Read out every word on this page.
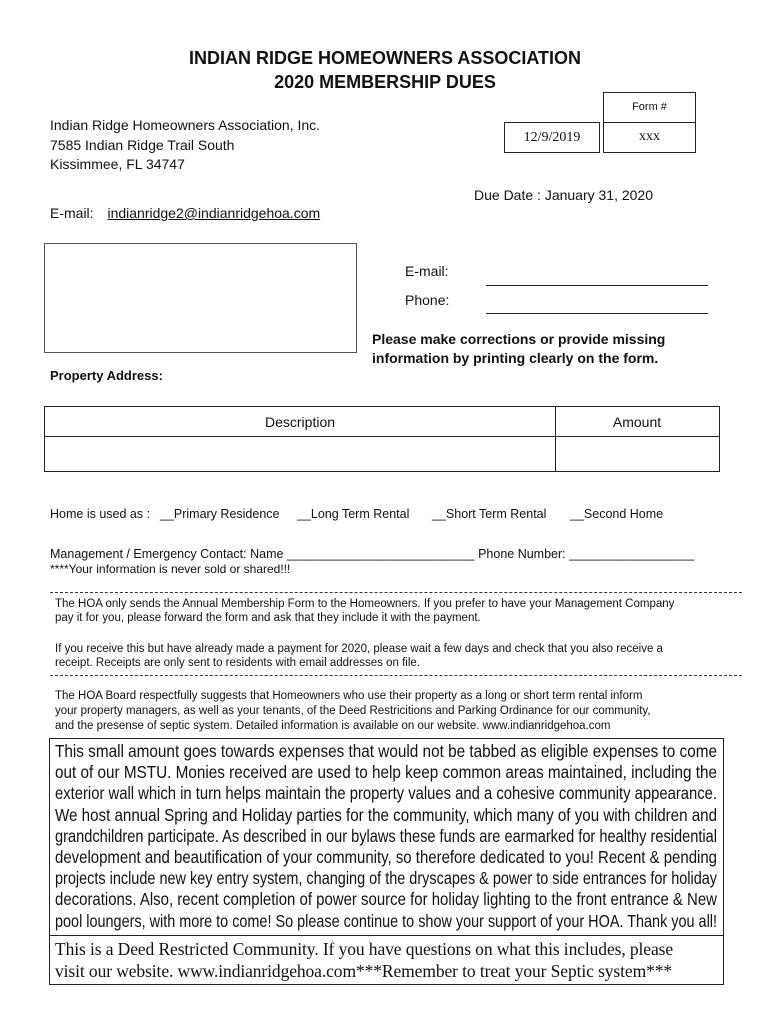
INDIAN RIDGE HOMEOWNERS ASSOCIATION
2020 MEMBERSHIP DUES
Form #
xxx
12/9/2019
Indian Ridge Homeowners Association, Inc.
7585 Indian Ridge Trail South
Kissimmee, FL 34747
Due Date : January 31, 2020
E-mail: indianridge2@indianridgehoa.com
E-mail:
Phone:
Please make corrections or provide missing
information by printing clearly on the form.
Property Address:
Description	Amount
Home is used as : __Primary Residence __Long Term Rental __Short Term Rental __Second Home
Management / Emergency Contact: Name ___________________________ Phone Number: __________________
****Your information is never sold or shared!!!
The HOA only sends the Annual Membership Form to the Homeowners. If you prefer to have your Management Company
pay it for you, please forward the form and ask that they include it with the payment.
If you receive this but have already made a payment for 2020, please wait a few days and check that you also receive a
receipt. Receipts are only sent to residents with email addresses on file.
The HOA Board respectfully suggests that Homeowners who use their property as a long or short term rental inform
your property managers, as well as your tenants, of the Deed Restricitions and Parking Ordinance for our community,
and the presense of septic system. Detailed information is available on our website. www.indianridgehoa.com
This small amount goes towards expenses that would not be tabbed as eligible expenses to come
out of our MSTU. Monies received are used to help keep common areas maintained, including the
exterior wall which in turn helps maintain the property values and a cohesive community appearance.
We host annual Spring and Holiday parties for the community, which many of you with children and
grandchildren participate. As described in our bylaws these funds are earmarked for healthy residential
development and beautification of your community, so therefore dedicated to you! Recent & pending
projects include new key entry system, changing of the dryscapes & power to side entrances for holiday
decorations. Also, recent completion of power source for holiday lighting to the front entrance & New
pool loungers, with more to come! So please continue to show your support of your HOA. Thank you all!
This is a Deed Restricted Community. If you have questions on what this includes, please
visit our website. www.indianridgehoa.com***Remember to treat your Septic system***
